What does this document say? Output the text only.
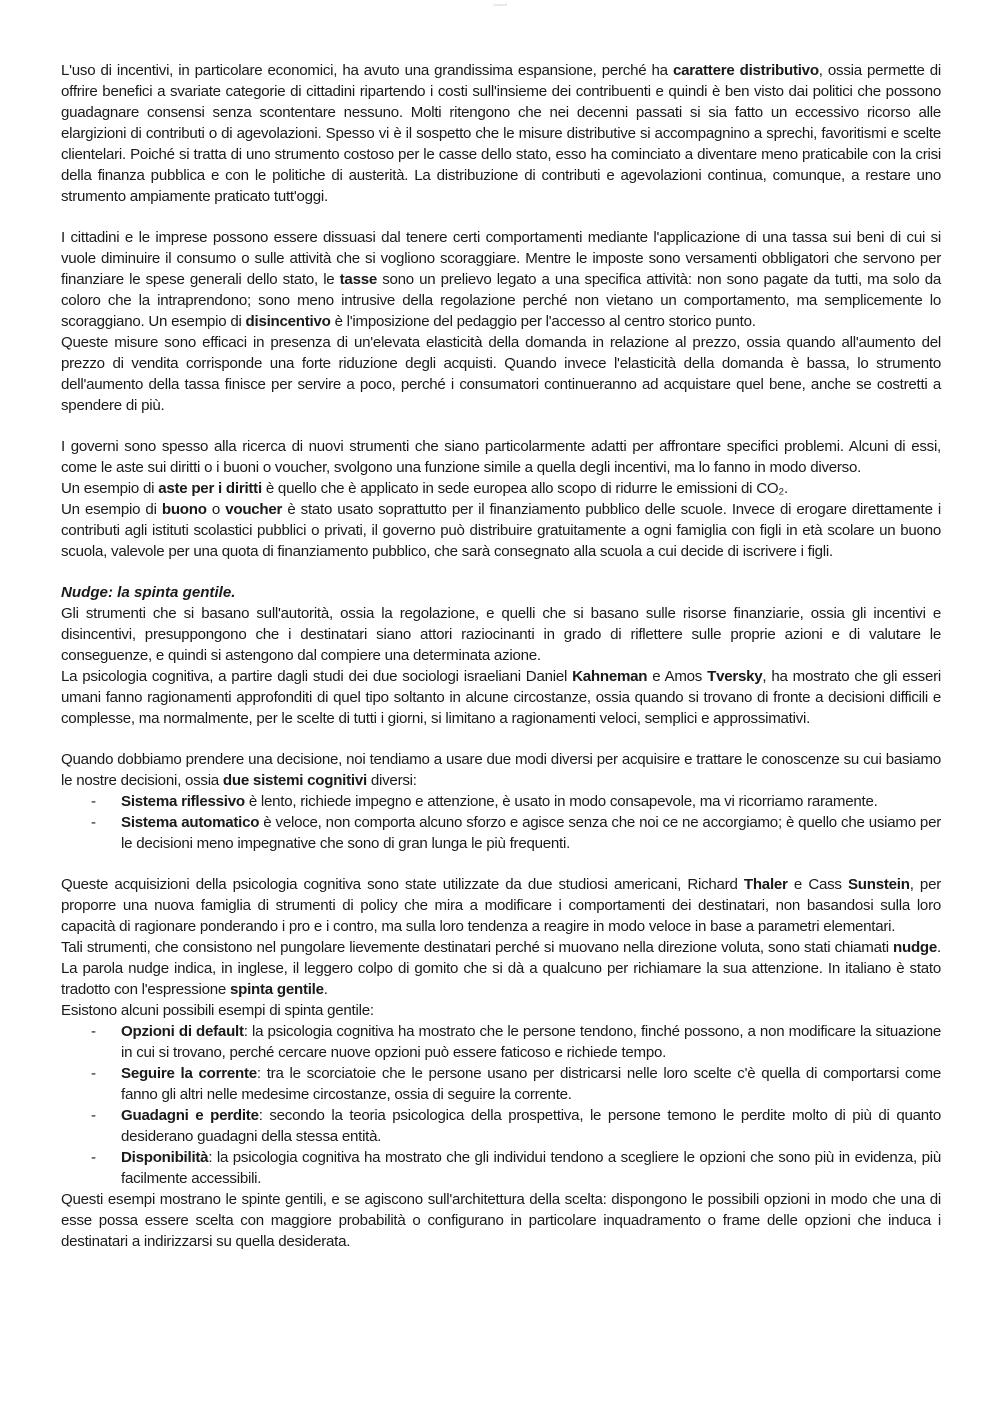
Unacolt

L'uso di incentivi, in particolare economici, ha avuto una grandissima espansione, perché ha carattere distributivo, ossia permette di offrire benefici a svariate categorie di cittadini ripartendo i costi sull'insieme dei contribuenti e quindi è ben visto dai politici che possono guadagnare consensi senza scontentare nessuno. Molti ritengono che nei decenni passati si sia fatto un eccessivo ricorso alle elargizioni di contributi o di agevolazioni. Spesso vi è il sospetto che le misure distributive si accompagnino a sprechi, favoritismi e scelte clientelari. Poiché si tratta di uno strumento costoso per le casse dello stato, esso ha cominciato a diventare meno praticabile con la crisi della finanza pubblica e con le politiche di austerità. La distribuzione di contributi e agevolazioni continua, comunque, a restare uno strumento ampiamente praticato tutt'oggi.

I cittadini e le imprese possono essere dissuasi dal tenere certi comportamenti mediante l'applicazione di una tassa sui beni di cui si vuole diminuire il consumo o sulle attività che si vogliono scoraggiare. Mentre le imposte sono versamenti obbligatori che servono per finanziare le spese generali dello stato, le tasse sono un prelievo legato a una specifica attività: non sono pagate da tutti, ma solo da coloro che la intraprendono; sono meno intrusive della regolazione perché non vietano un comportamento, ma semplicemente lo scoraggiano. Un esempio di disincentivo è l'imposizione del pedaggio per l'accesso al centro storico punto.

Queste misure sono efficaci in presenza di un'elevata elasticità della domanda in relazione al prezzo, ossia quando all'aumento del prezzo di vendita corrisponde una forte riduzione degli acquisti. Quando invece l'elasticità della domanda è bassa, lo strumento dell'aumento della tassa finisce per servire a poco, perché i consumatori continueranno ad acquistare quel bene, anche se costretti a spendere di più.

I governi sono spesso alla ricerca di nuovi strumenti che siano particolarmente adatti per affrontare specifici problemi. Alcuni di essi, come le aste sui diritti o i buoni o voucher, svolgono una funzione simile a quella degli incentivi, ma lo fanno in modo diverso.

Un esempio di aste per i diritti è quello che è applicato in sede europea allo scopo di ridurre le emissioni di CO₂.

Un esempio di buono o voucher è stato usato soprattutto per il finanziamento pubblico delle scuole. Invece di erogare direttamente i contributi agli istituti scolastici pubblici o privati, il governo può distribuire gratuitamente a ogni famiglia con figli in età scolare un buono scuola, valevole per una quota di finanziamento pubblico, che sarà consegnato alla scuola a cui decide di iscrivere i figli.

Nudge: la spinta gentile.

Gli strumenti che si basano sull'autorità, ossia la regolazione, e quelli che si basano sulle risorse finanziarie, ossia gli incentivi e disincentivi, presuppongono che i destinatari siano attori raziocinanti in grado di riflettere sulle proprie azioni e di valutare le conseguenze, e quindi si astengono dal compiere una determinata azione.

La psicologia cognitiva, a partire dagli studi dei due sociologi israeliani Daniel Kahneman e Amos Tversky, ha mostrato che gli esseri umani fanno ragionamenti approfonditi di quel tipo soltanto in alcune circostanze, ossia quando si trovano di fronte a decisioni difficili e complesse, ma normalmente, per le scelte di tutti i giorni, si limitano a ragionamenti veloci, semplici e approssimativi.

Quando dobbiamo prendere una decisione, noi tendiamo a usare due modi diversi per acquisire e trattare le conoscenze su cui basiamo le nostre decisioni, ossia due sistemi cognitivi diversi:

- Sistema riflessivo è lento, richiede impegno e attenzione, è usato in modo consapevole, ma vi ricorriamo raramente.
- Sistema automatico è veloce, non comporta alcuno sforzo e agisce senza che noi ce ne accorgiamo; è quello che usiamo per le decisioni meno impegnative che sono di gran lunga le più frequenti.

Queste acquisizioni della psicologia cognitiva sono state utilizzate da due studiosi americani, Richard Thaler e Cass Sunstein, per proporre una nuova famiglia di strumenti di policy che mira a modificare i comportamenti dei destinatari, non basandosi sulla loro capacità di ragionare ponderando i pro e i contro, ma sulla loro tendenza a reagire in modo veloce in base a parametri elementari.

Tali strumenti, che consistono nel pungolare lievemente destinatari perché si muovano nella direzione voluta, sono stati chiamati nudge. La parola nudge indica, in inglese, il leggero colpo di gomito che si dà a qualcuno per richiamare la sua attenzione. In italiano è stato tradotto con l'espressione spinta gentile.

Esistono alcuni possibili esempi di spinta gentile:

- Opzioni di default: la psicologia cognitiva ha mostrato che le persone tendono, finché possono, a non modificare la situazione in cui si trovano, perché cercare nuove opzioni può essere faticoso e richiede tempo.
- Seguire la corrente: tra le scorciatoie che le persone usano per districarsi nelle loro scelte c'è quella di comportarsi come fanno gli altri nelle medesime circostanze, ossia di seguire la corrente.
- Guadagni e perdite: secondo la teoria psicologica della prospettiva, le persone temono le perdite molto di più di quanto desiderano guadagni della stessa entità.
- Disponibilità: la psicologia cognitiva ha mostrato che gli individui tendono a scegliere le opzioni che sono più in evidenza, più facilmente accessibili.

Questi esempi mostrano le spinte gentili, e se agiscono sull'architettura della scelta: dispongono le possibili opzioni in modo che una di esse possa essere scelta con maggiore probabilità o configurano in particolare inquadramento o frame delle opzioni che induca i destinatari a indirizzarsi su quella desiderata.
